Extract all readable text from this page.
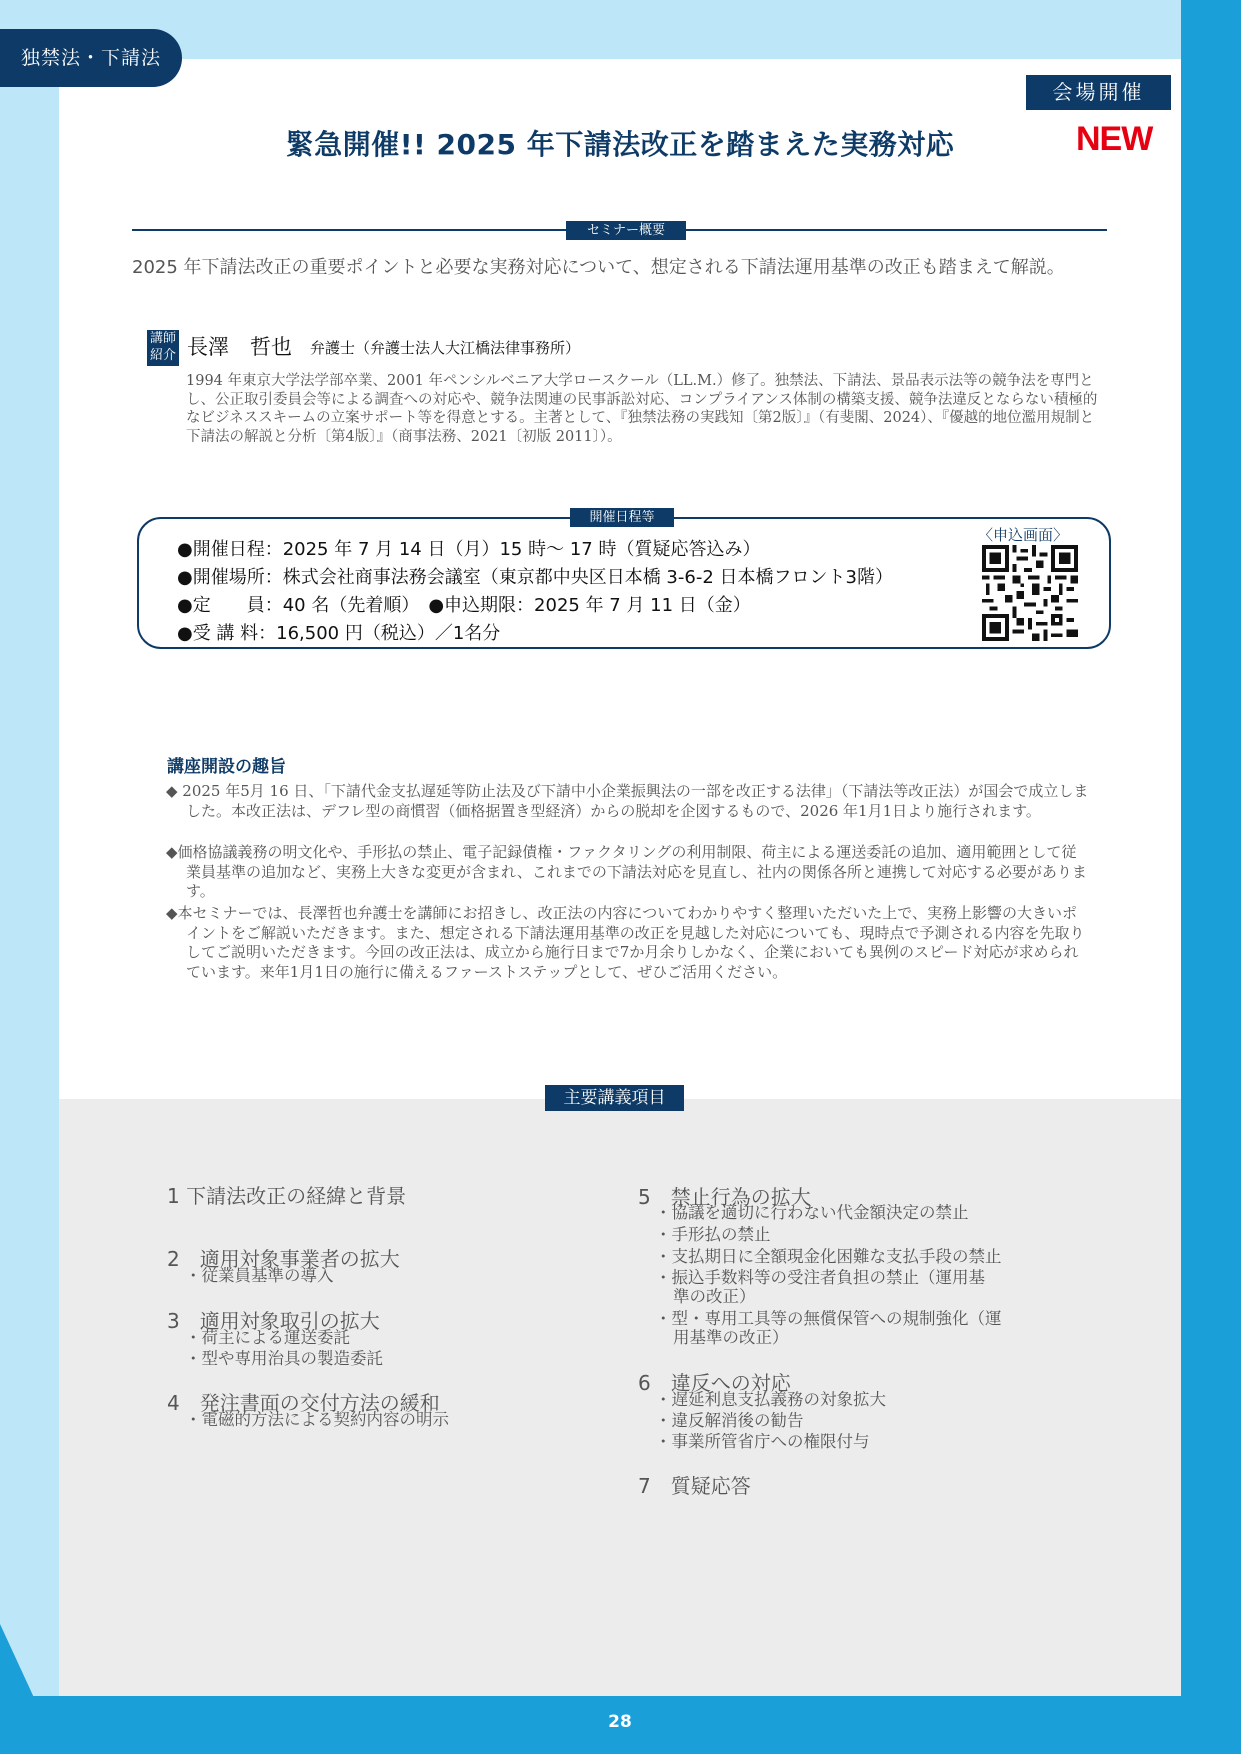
独禁法・下請法
会場開催
NEW
緊急開催!! 2025 年下請法改正を踏まえた実務対応
セミナー概要
2025 年下請法改正の重要ポイントと必要な実務対応について、想定される下請法運用基準の改正も踏まえて解説。
講師
紹介 長澤　哲也 弁護士（弁護士法人大江橋法律事務所）

1994 年東京大学法学部卒業、2001 年ペンシルベニア大学ロースクール（LL.M.）修了。独禁法、下請法、景品表示法等の競争法を専門とし、公正取引委員会等による調査への対応や、競争法関連の民事訴訟対応、コンプライアンス体制の構築支援、競争法違反とならない積極的なビジネススキームの立案サポート等を得意とする。主著として、『独禁法務の実践知〔第2版〕』（有斐閣、2024）、『優越的地位濫用規制と下請法の解説と分析〔第4版〕』（商事法務、2021〔初版 2011〕）。

開催日程等
●開催日程：2025 年 7 月 14 日（月）15 時～ 17 時（質疑応答込み）
●開催場所：株式会社商事法務会議室（東京都中央区日本橋 3-6-2 日本橋フロント3階）
●定　　員：40 名（先着順）　●申込期限：2025 年 7 月 11 日（金）
●受 講 料：16,500 円（税込）／1名分
〈申込画面〉
講座開設の趣旨

◆ 2025 年5月 16 日、「下請代金支払遅延等防止法及び下請中小企業振興法の一部を改正する法律」（下請法等改正法）が国会で成立しました。本改正法は、デフレ型の商慣習（価格据置き型経済）からの脱却を企図するもので、2026 年1月1日より施行されます。

◆価格協議義務の明文化や、手形払の禁止、電子記録債権・ファクタリングの利用制限、荷主による運送委託の追加、適用範囲として従業員基準の追加など、実務上大きな変更が含まれ、これまでの下請法対応を見直し、社内の関係各所と連携して対応する必要があります。

◆本セミナーでは、長澤哲也弁護士を講師にお招きし、改正法の内容についてわかりやすく整理いただいた上で、実務上影響の大きいポイントをご解説いただきます。また、想定される下請法運用基準の改正を見越した対応についても、現時点で予測される内容を先取りしてご説明いただきます。今回の改正法は、成立から施行日まで7か月余りしかなく、企業においても異例のスピード対応が求められています。来年1月1日の施行に備えるファーストステップとして、ぜひご活用ください。

主要講義項目
1 下請法改正の経緯と背景
2　適用対象事業者の拡大
・従業員基準の導入
3　適用対象取引の拡大
・荷主による運送委託
・型や専用治具の製造委託
4　発注書面の交付方法の緩和
・電磁的方法による契約内容の明示
5　禁止行為の拡大
・協議を適切に行わない代金額決定の禁止
・手形払の禁止
・支払期日に全額現金化困難な支払手段の禁止
・振込手数料等の受注者負担の禁止（運用基
準の改正）
・型・専用工具等の無償保管への規制強化（運
用基準の改正）
6　違反への対応
・遅延利息支払義務の対象拡大
・違反解消後の勧告
・事業所管省庁への権限付与
7　質疑応答
28
